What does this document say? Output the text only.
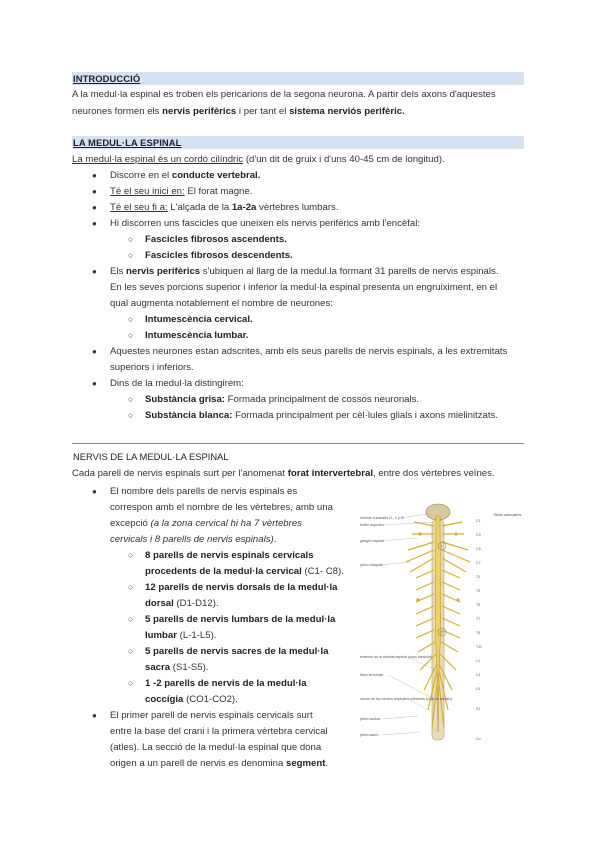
INTRODUCCIÓ
A la medul·la espinal es troben els pericarions de la segona neurona. A partir dels axons d'aquestes
neurones formen els nervis perifèrics i per tant el sistema nerviós perifèric.
LA MEDUL·LA ESPINAL
La medul·la espinal és un cordó cilíndric (d'un dit de gruix i d'uns 40-45 cm de longitud).
● Discorre en el conducte vertebral.
● Té el seu inici en: El forat magne.
● Té el seu fi a: L'alçada de la 1a-2a vèrtebres lumbars.
● Hi discorren uns fascicles que uneixen els nervis perifèrics amb l'encèfal:
○ Fascicles fibrosos ascendents.
○ Fascicles fibrosos descendents.
● Els nervis perifèrics s'ubiquen al llarg de la medul.la formant 31 parells de nervis espinals.
En les seves porcions superior i inferior la medul·la espinal presenta un engruiximent, en el
qual augmenta notablement el nombre de neurones:
○ Intumescència cervical.
○ Intumescència lumbar.
● Aquestes neurones estan adscrites, amb els seus parells de nervis espinals, a les extremitats
superiors i inferiors.
● Dins de la medul·la distingirem:
○ Substància grisa: Formada principalment de cossos neuronals.
○ Substància blanca: Formada principalment per cèl·lules glials i axons mielinitzats.
NERVIS DE LA MEDUL·LA ESPINAL
Cada parell de nervis espinals surt per l'anomenat forat intervertebral, entre dos vèrtebres veïnes.
● El nombre dels parells de nervis espinals es
correspon amb el nombre de les vèrtebres, amb una
excepció (a la zona cervical hi ha 7 vèrtebres
cervicals i 8 parells de nervis espinals).
○ 8 parells de nervis espinals cervicals
procedents de la medul·la cervical (C1- C8).
○ 12 parells de nervis dorsals de la medul·la
dorsal (D1-D12).
○ 5 parells de nervis lumbars de la medul·la
lumbar (L-1-L5).
○ 5 parells de nervis sacres de la medul·la
sacra (S1-S5).
○ 1 -2 parells de nervis de la medul·la
coccígia (CO1-CO2).
● El primer parell de nervis espinals cervicals surt
entre la base del crani i la primera vèrtebra cervical
(atles). La secció de la medul·la espinal que dona
origen a un parell de nervis es denomina segment.
nervios craneales IX, X y XI
bulbo raquídeo
ganglio espinal
plexo braquial
extremo de la médula espinal (cono medular)
filum terminale
raíces de los nervios espinales inferiores (cola de caballo)
plexo lumbar
plexo sacro
fibras radiculares
1
2
C1
C3
C5
C7
T1
T3
T5
T7
T9
T11
L1
L3
L5
S1
Co
